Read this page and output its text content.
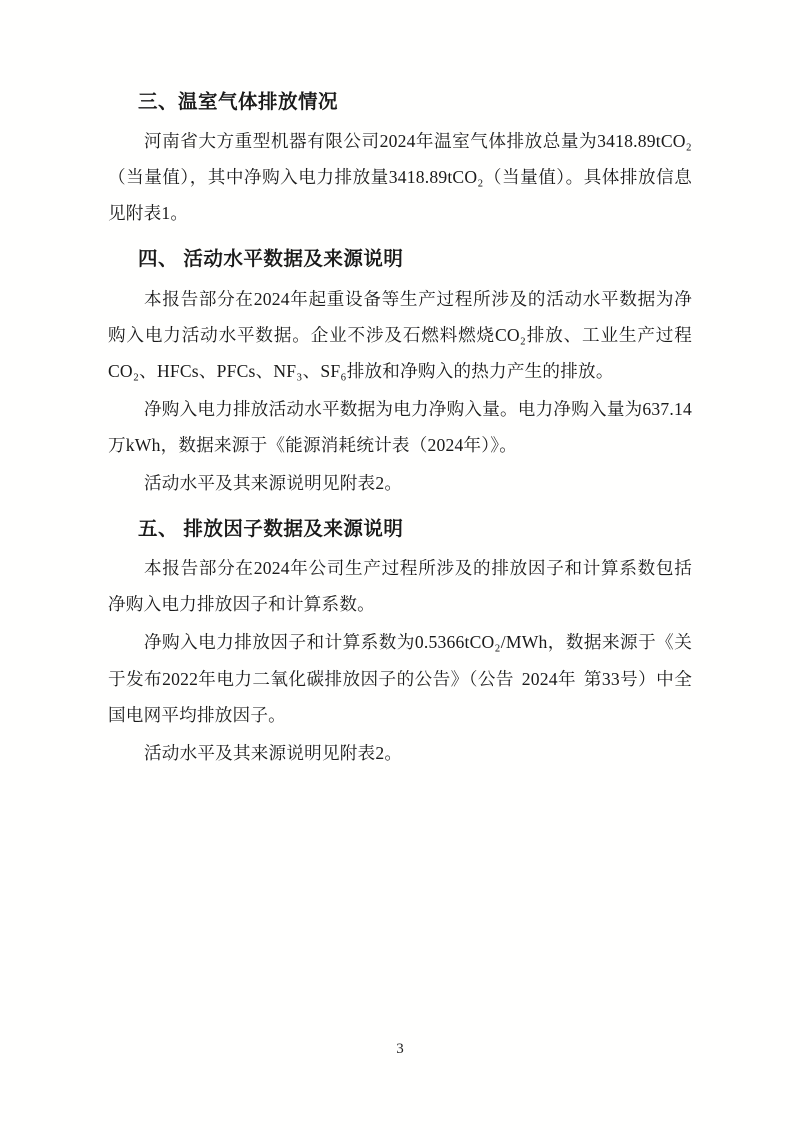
三、温室气体排放情况

河南省大方重型机器有限公司2024年温室气体排放总量为3418.89tCO₂（当量值），其中净购入电力排放量3418.89tCO₂（当量值）。具体排放信息见附表1。

四、 活动水平数据及来源说明

本报告部分在2024年起重设备等生产过程所涉及的活动水平数据为净购入电力活动水平数据。企业不涉及石燃料燃烧CO₂排放、工业生产过程CO₂、HFCs、PFCs、NF₃、SF₆排放和净购入的热力产生的排放。

净购入电力排放活动水平数据为电力净购入量。电力净购入量为637.14万kWh，数据来源于《能源消耗统计表（2024年）》。

活动水平及其来源说明见附表2。

五、 排放因子数据及来源说明

本报告部分在2024年公司生产过程所涉及的排放因子和计算系数包括净购入电力排放因子和计算系数。

净购入电力排放因子和计算系数为0.5366tCO₂/MWh，数据来源于《关于发布2022年电力二氧化碳排放因子的公告》（公告 2024年 第33号）中全国电网平均排放因子。

活动水平及其来源说明见附表2。

3
